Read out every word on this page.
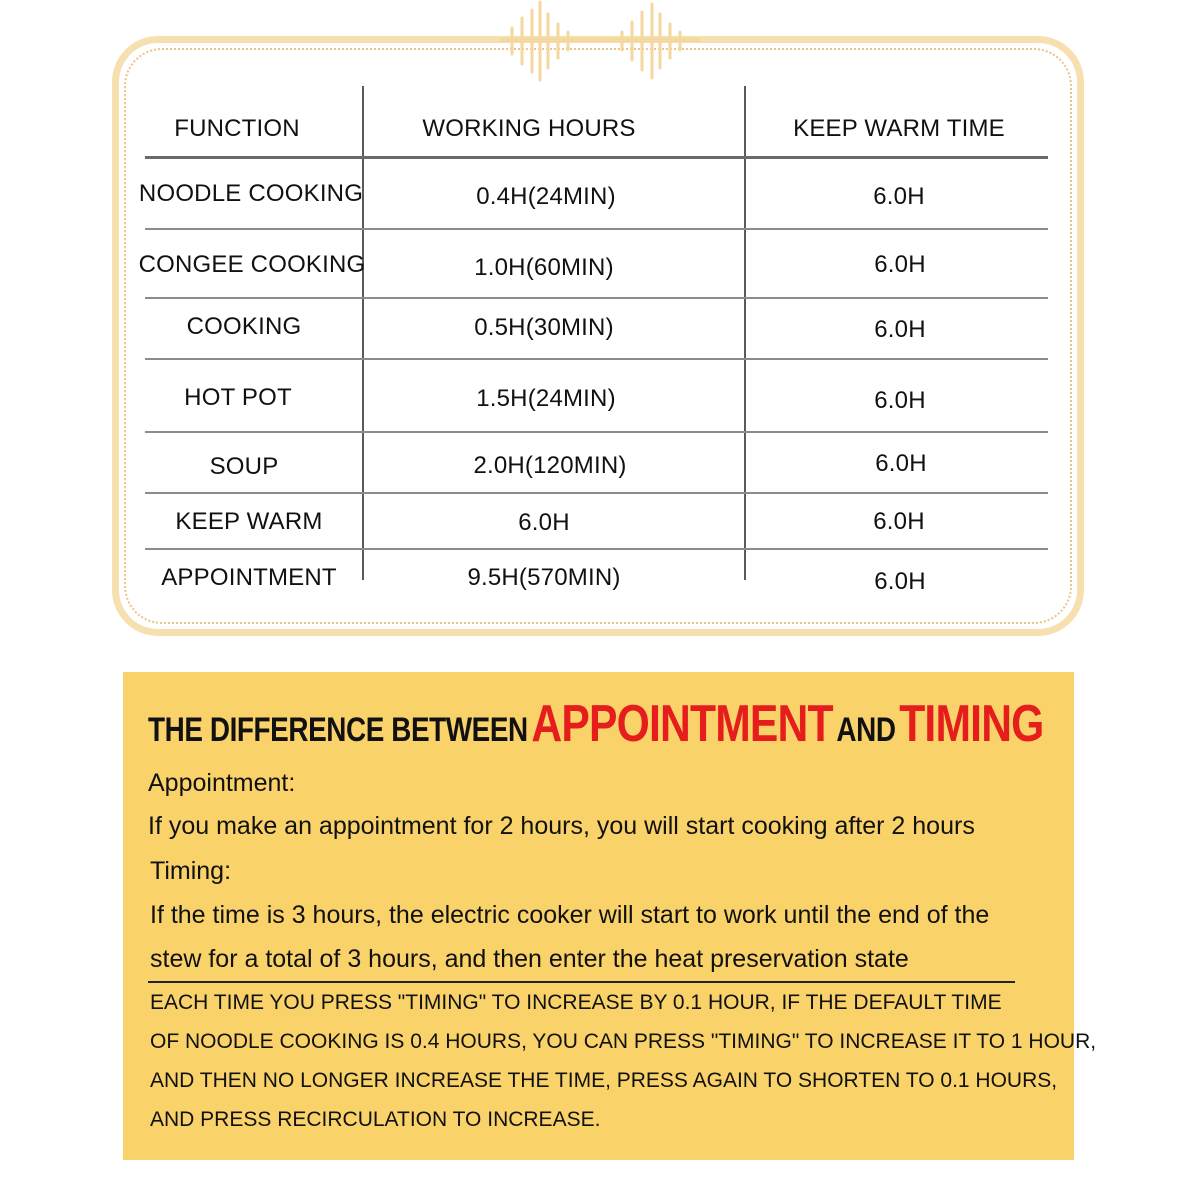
FUNCTION	WORKING HOURS	KEEP WARM TIME
NOODLE COOKING	0.4H(24MIN)	6.0H
CONGEE COOKING	1.0H(60MIN)	6.0H
COOKING	0.5H(30MIN)	6.0H
HOT POT	1.5H(24MIN)	6.0H
SOUP	2.0H(120MIN)	6.0H
KEEP WARM	6.0H	6.0H
APPOINTMENT	9.5H(570MIN)	6.0H
THE DIFFERENCE BETWEEN APPOINTMENT AND TIMING
Appointment:
If you make an appointment for 2 hours, you will start cooking after 2 hours
Timing:
If the time is 3 hours, the electric cooker will start to work until the end of the
stew for a total of 3 hours, and then enter the heat preservation state
EACH TIME YOU PRESS "TIMING" TO INCREASE BY 0.1 HOUR, IF THE DEFAULT TIME
OF NOODLE COOKING IS 0.4 HOURS, YOU CAN PRESS "TIMING" TO INCREASE IT TO 1 HOUR,
AND THEN NO LONGER INCREASE THE TIME, PRESS AGAIN TO SHORTEN TO 0.1 HOURS,
AND PRESS RECIRCULATION TO INCREASE.
